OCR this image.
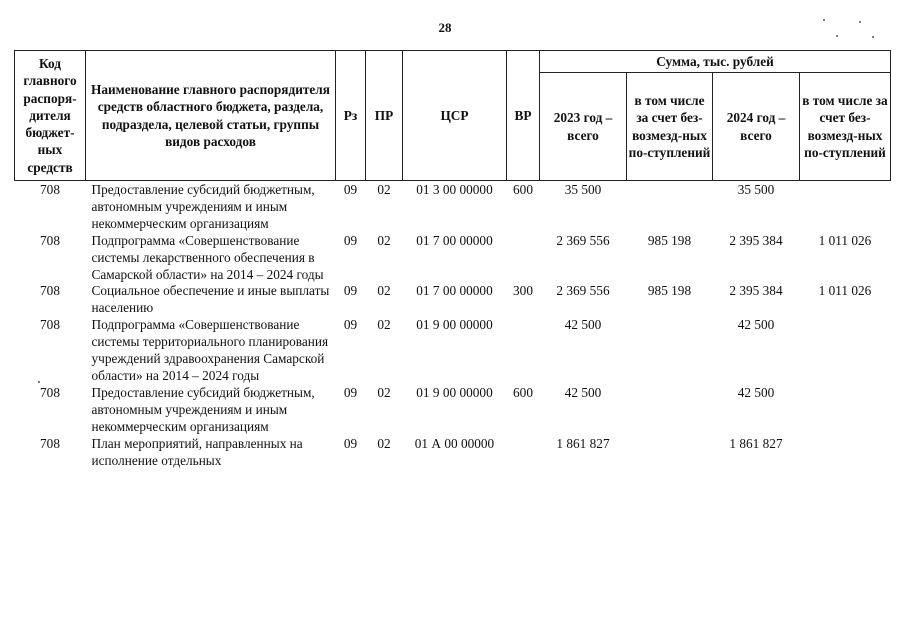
28
Код главного распоря-дителя бюджет-ных средств	Наименование главного распорядителя средств областного бюджета, раздела, подраздела, целевой статьи, группы видов расходов	Рз	ПР	ЦСР	ВР	Сумма, тыс. рублей			
						2023 год – всего	в том числе за счет без-возмезд-ных по-ступлений	2024 год – всего	в том числе за счет без-возмезд-ных по-ступлений
708	Предоставление субсидий бюджетным, автономным учреждениям и иным некоммерческим организациям	09	02	01 3 00 00000	600	35 500		35 500	
708	Подпрограмма «Совершенствование системы лекарственного обеспечения в Самарской области» на 2014 – 2024 годы	09	02	01 7 00 00000		2 369 556	985 198	2 395 384	1 011 026
708	Социальное обеспечение и иные выплаты населению	09	02	01 7 00 00000	300	2 369 556	985 198	2 395 384	1 011 026
708	Подпрограмма «Совершенствование системы территориального планирования учреждений здравоохранения Самарской области» на 2014 – 2024 годы	09	02	01 9 00 00000		42 500		42 500	
708	Предоставление субсидий бюджетным, автономным учреждениям и иным некоммерческим организациям	09	02	01 9 00 00000	600	42 500		42 500	
708	План мероприятий, направленных на исполнение отдельных	09	02	01 А 00 00000		1 861 827		1 861 827	
